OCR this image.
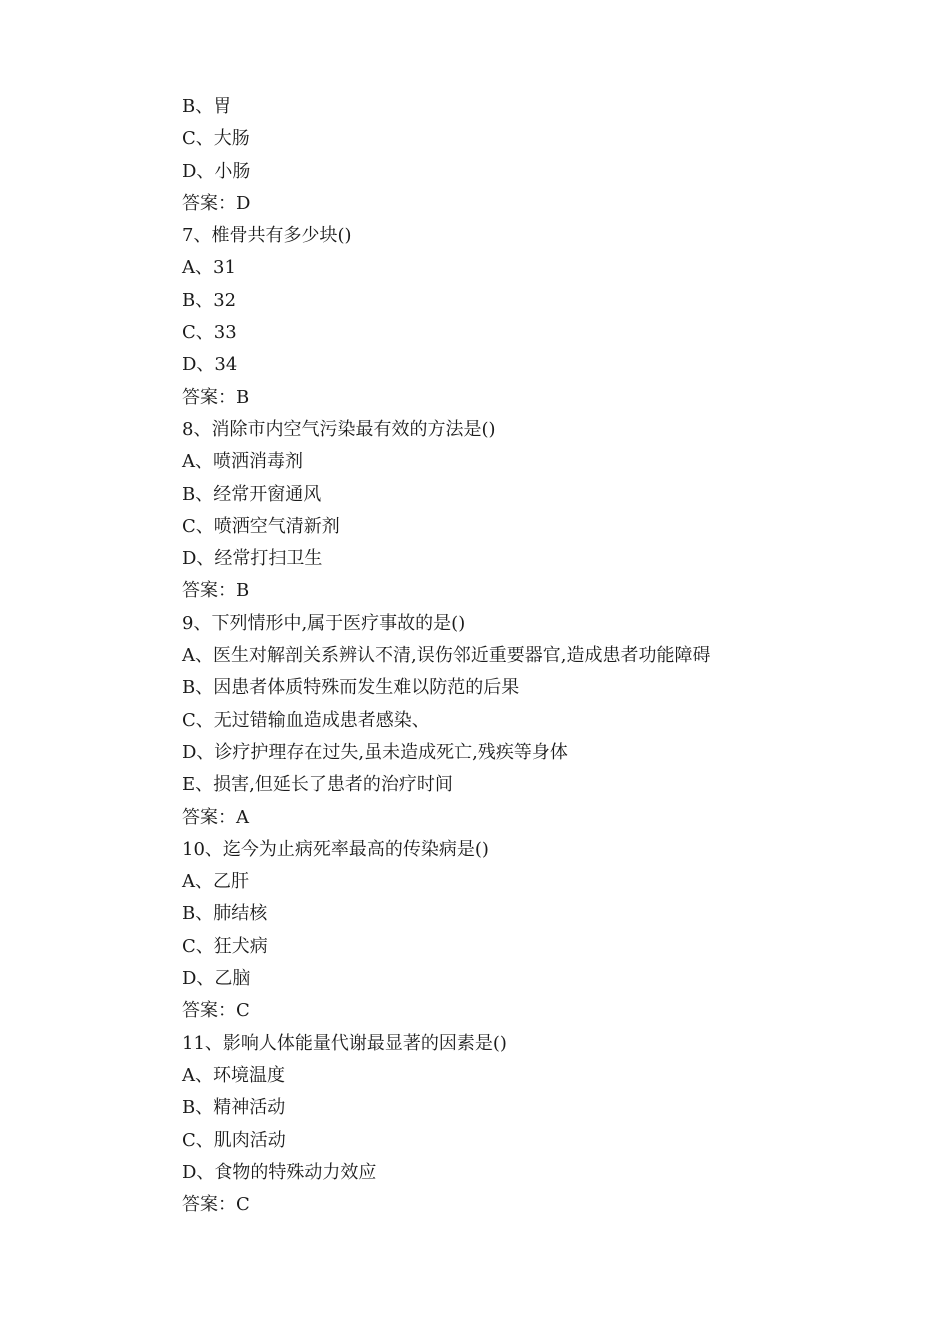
B、胃
C、大肠
D、小肠
答案：D
7、椎骨共有多少块()
A、31
B、32
C、33
D、34
答案：B
8、消除市内空气污染最有效的方法是()
A、喷洒消毒剂
B、经常开窗通风
C、喷洒空气清新剂
D、经常打扫卫生
答案：B
9、下列情形中,属于医疗事故的是()
A、医生对解剖关系辨认不清,误伤邻近重要器官,造成患者功能障碍
B、因患者体质特殊而发生难以防范的后果
C、无过错输血造成患者感染、
D、诊疗护理存在过失,虽未造成死亡,残疾等身体
E、损害,但延长了患者的治疗时间
答案：A
10、迄今为止病死率最高的传染病是()
A、乙肝
B、肺结核
C、狂犬病
D、乙脑
答案：C
11、影响人体能量代谢最显著的因素是()
A、环境温度
B、精神活动
C、肌肉活动
D、食物的特殊动力效应
答案：C
